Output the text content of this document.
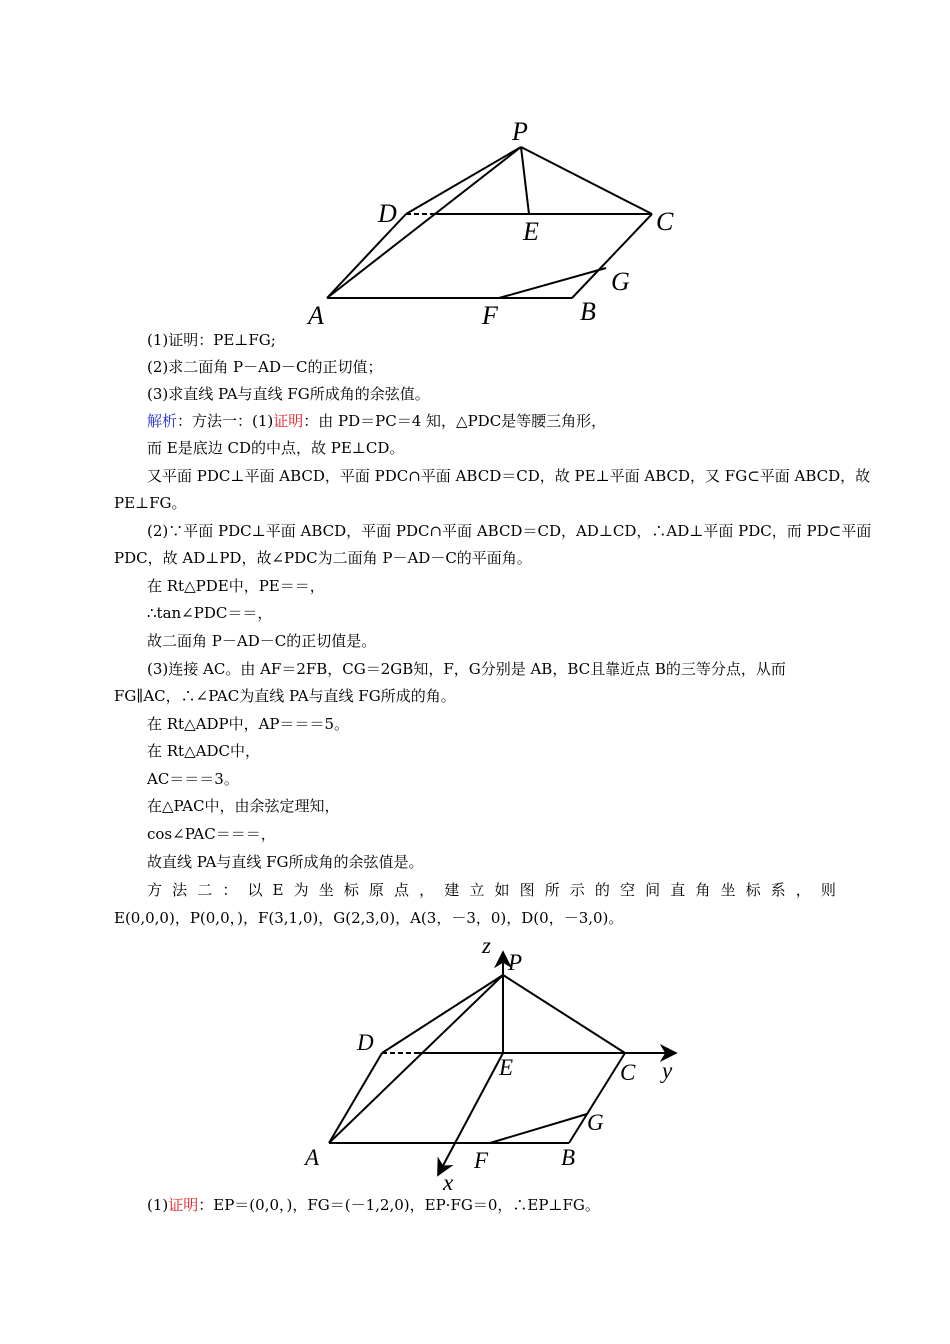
P
D
E	C
G
A	F	B
(1)证明：PE⊥FG;
(2)求二面角 P－AD－C的正切值；
(3)求直线 PA与直线 FG所成角的余弦值。
解析：方法一：(1)证明：由 PD＝PC＝4 知，△PDC是等腰三角形，
而 E是底边 CD的中点，故 PE⊥CD。
又平面 PDC⊥平面 ABCD，平面 PDC∩平面 ABCD＝CD，故 PE⊥平面 ABCD，又 FG⊂平面 ABCD，故
PE⊥FG。
(2)∵平面 PDC⊥平面 ABCD，平面 PDC∩平面 ABCD＝CD，AD⊥CD，∴AD⊥平面 PDC，而 PD⊂平面
PDC，故 AD⊥PD，故∠PDC为二面角 P－AD－C的平面角。
在 Rt△PDE中，PE＝＝，
∴tan∠PDC＝＝，
故二面角 P－AD－C的正切值是。
(3)连接 AC。由 AF＝2FB，CG＝2GB知，F，G分别是 AB，BC且靠近点 B的三等分点，从而
FG∥AC，∴∠PAC为直线 PA与直线 FG所成的角。
在 Rt△ADP中，AP＝＝＝5。
在 Rt△ADC中，
AC＝＝＝3。
在△PAC中，由余弦定理知，
cos∠PAC＝＝＝，
故直线 PA与直线 FG所成角的余弦值是。
方 法 二 ： 以 E 为 坐 标 原 点 ， 建 立 如 图 所 示 的 空 间 直 角 坐 标 系 ， 则
E(0,0,0)，P(0,0，)，F(3,1,0)，G(2,3,0)，A(3，－3，0)，D(0，－3,0)。
z
P
D
E	C y
G
A	F	B
x
(1)证明：EP＝(0,0，)，FG＝(－1,2,0)，EP·FG＝0，∴EP⊥FG。
